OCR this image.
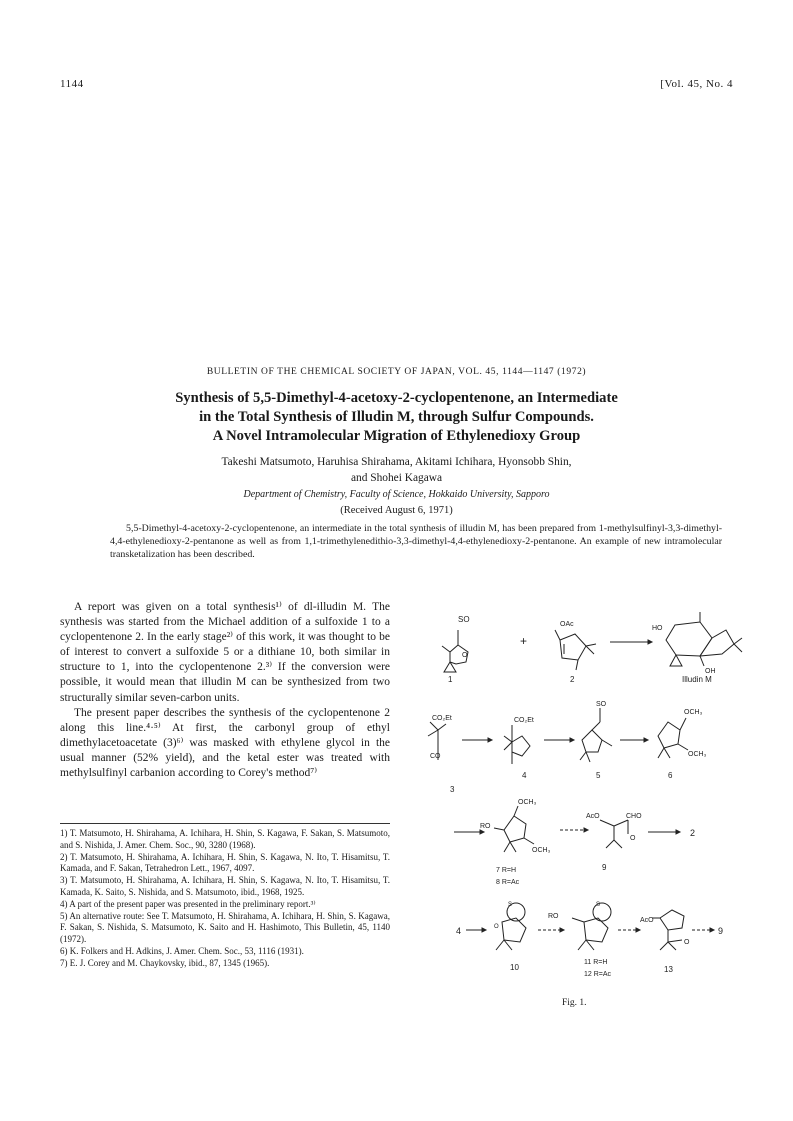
1144	[Vol. 45, No. 4
BULLETIN OF THE CHEMICAL SOCIETY OF JAPAN, VOL. 45, 1144—1147 (1972)
Synthesis of 5,5-Dimethyl-4-acetoxy-2-cyclopentenone, an Intermediate
in the Total Synthesis of Illudin M, through Sulfur Compounds.
A Novel Intramolecular Migration of Ethylenedioxy Group
Takeshi Matsumoto, Haruhisa Shirahama, Akitami Ichihara, Hyonsobb Shin,
and Shohei Kagawa
Department of Chemistry, Faculty of Science, Hokkaido University, Sapporo
(Received August 6, 1971)
5,5-Dimethyl-4-acetoxy-2-cyclopentenone, an intermediate in the total synthesis of illudin M, has been prepared from 1-methylsulfinyl-3,3-dimethyl-4,4-ethylenedioxy-2-pentanone as well as from 1,1-trimethylenedithio-3,3-dimethyl-4,4-ethylenedioxy-2-pentanone. An example of new intramolecular transketalization has been described.

A report was given on a total synthesis¹⁾ of dl-illudin M. The synthesis was started from the Michael addition of a sulfoxide 1 to a cyclopentenone 2. In the early stage²⁾ of this work, it was thought to be of interest to convert a sulfoxide 5 or a dithiane 10, both similar in structure to 1, into the cyclopentenone 2.³⁾ If the conversion were possible, it would mean that illudin M can be synthesized from two structurally similar seven-carbon units.

The present paper describes the synthesis of the cyclopentenone 2 along this line.⁴·⁵⁾ At first, the carbonyl group of ethyl dimethylacetoacetate (3)⁶⁾ was masked with ethylene glycol in the usual manner (52% yield), and the ketal ester was treated with methylsulfinyl carbanion according to Corey's method⁷⁾

1) T. Matsumoto, H. Shirahama, A. Ichihara, H. Shin, S. Kagawa, F. Sakan, S. Matsumoto, and S. Nishida, J. Amer. Chem. Soc., 90, 3280 (1968).
2) T. Matsumoto, H. Shirahama, A. Ichihara, H. Shin, S. Kagawa, N. Ito, T. Hisamitsu, T. Kamada, and F. Sakan, Tetrahedron Lett., 1967, 4097.
3) T. Matsumoto, H. Shirahama, A. Ichihara, H. Shin, S. Kagawa, N. Ito, T. Hisamitsu, T. Kamada, K. Saito, S. Nishida, and S. Matsumoto, ibid., 1968, 1925.
4) A part of the present paper was presented in the preliminary report.³⁾
5) An alternative route: See T. Matsumoto, H. Shirahama, A. Ichihara, H. Shin, S. Kagawa, F. Sakan, S. Nishida, S. Matsumoto, K. Saito and H. Hashimoto, This Bulletin, 45, 1140 (1972).
6) K. Folkers and H. Adkins, J. Amer. Chem. Soc., 53, 1116 (1931).
7) E. J. Corey and M. Chaykovsky, ibid., 87, 1345 (1965).
SO
O
+
OAc
HO
OH
1	2	Illudin M
CO₂Et
CO
CO₂Et
SO
OCH₃
OCH₃
3
4	5	6
OCH₃
OCH₃
RO
AcO	CHO
O
2
7 R=H
8 R=Ac
9
4
S
O
RO
S
AcO
O
9
10
11 R=H
12 R=Ac
13
Fig. 1.
